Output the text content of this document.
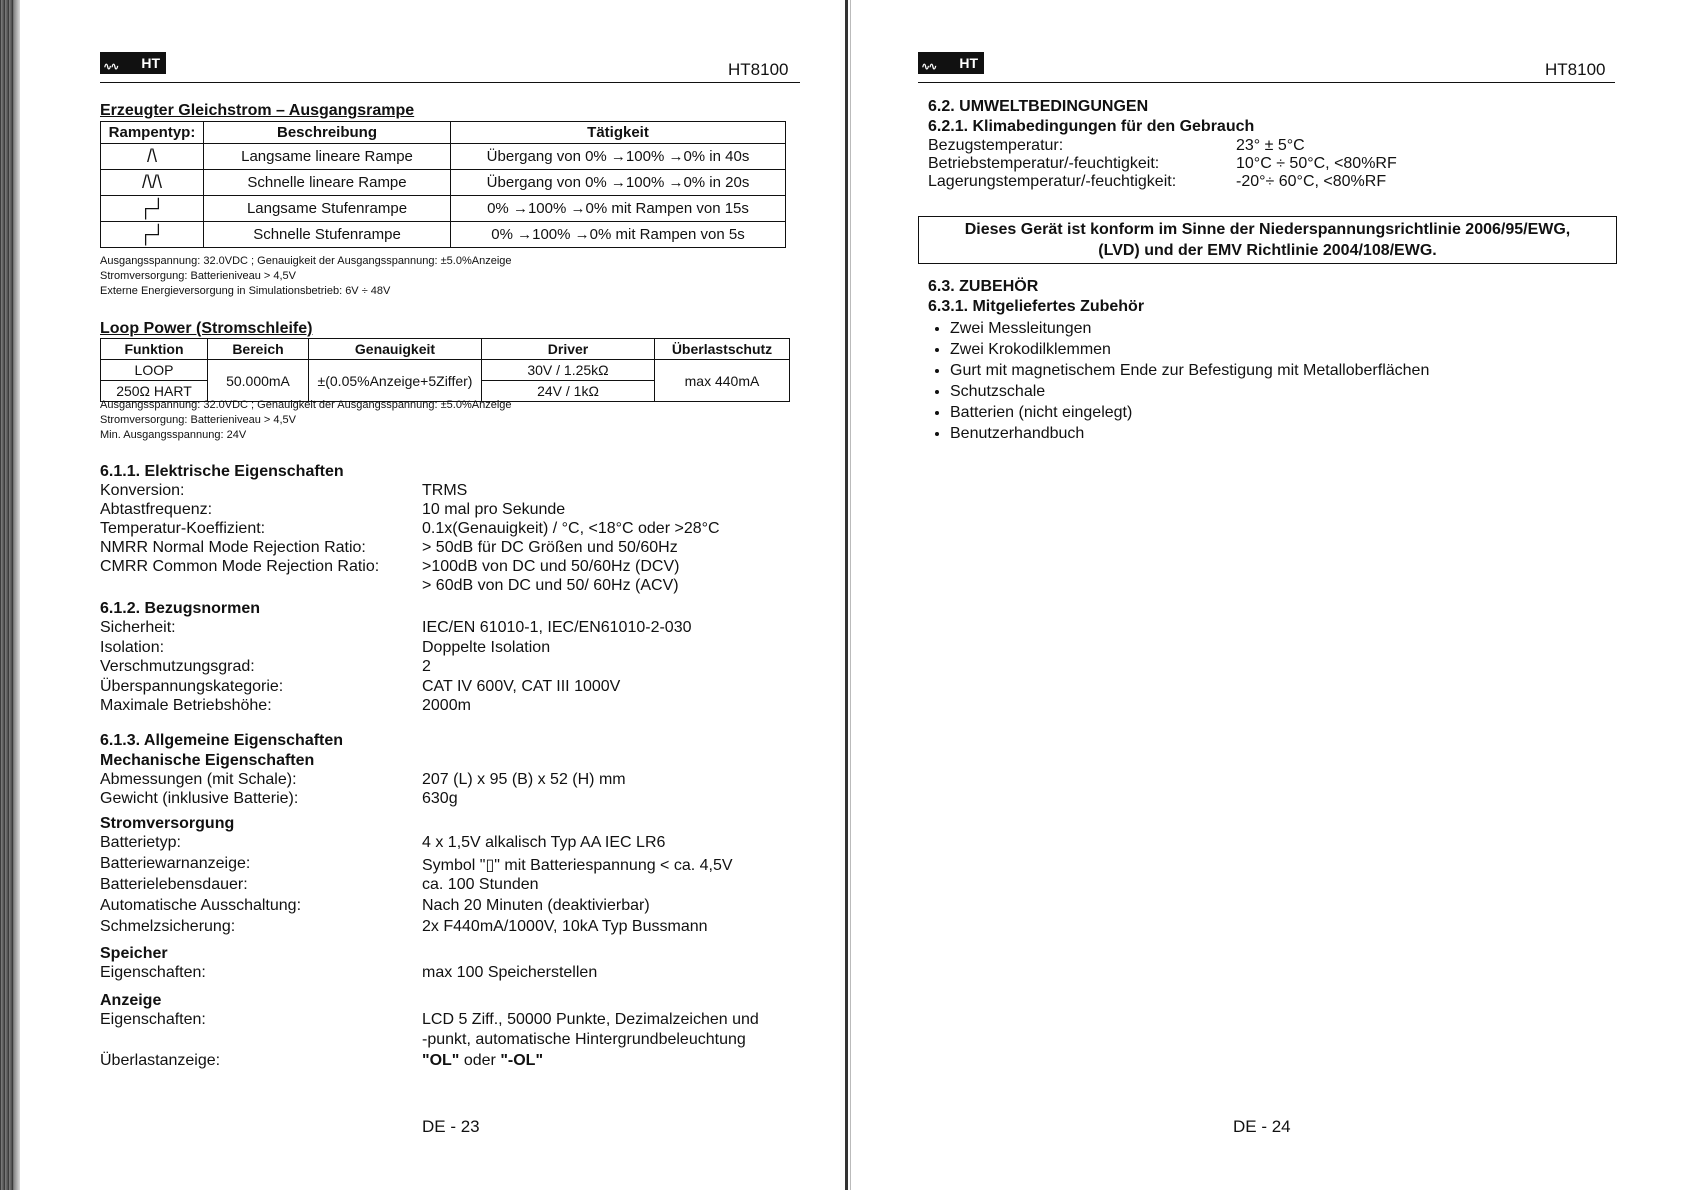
∿∿ HT	HT8100
Erzeugter Gleichstrom – Ausgangsrampe
Rampentyp:	Beschreibung	Tätigkeit
/\	Langsame lineare Rampe	Übergang von 0% →100% →0% in 40s
/\/\	Schnelle lineare Rampe	Übergang von 0% →100% →0% in 20s
┌┘	Langsame Stufenrampe	0% →100% →0% mit Rampen von 15s
┌┘	Schnelle Stufenrampe	0% →100% →0% mit Rampen von 5s
Ausgangsspannung: 32.0VDC ; Genauigkeit der Ausgangsspannung: ±5.0%Anzeige
Stromversorgung: Batterieniveau > 4,5V
Externe Energieversorgung in Simulationsbetrieb: 6V ÷ 48V
Loop Power (Stromschleife)
Funktion	Bereich	Genauigkeit	Driver	Überlastschutz
LOOP	50.000mA	±(0.05%Anzeige+5Ziffer)	30V / 1.25kΩ	max 440mA
250Ω HART			24V / 1kΩ	
Ausgangsspannung: 32.0VDC ; Genauigkeit der Ausgangsspannung: ±5.0%Anzeige
Stromversorgung: Batterieniveau > 4,5V
Min. Ausgangsspannung: 24V
6.1.1. Elektrische Eigenschaften
Konversion:	TRMS
Abtastfrequenz:	10 mal pro Sekunde
Temperatur-Koeffizient:	0.1x(Genauigkeit) / °C, <18°C oder >28°C
NMRR Normal Mode Rejection Ratio:	> 50dB für DC Größen und 50/60Hz
CMRR Common Mode Rejection Ratio:	>100dB von DC und 50/60Hz (DCV)
> 60dB von DC und 50/ 60Hz (ACV)
6.1.2. Bezugsnormen
Sicherheit:	IEC/EN 61010-1, IEC/EN61010-2-030
Isolation:	Doppelte Isolation
Verschmutzungsgrad:	2
Überspannungskategorie:	CAT IV 600V, CAT III 1000V
Maximale Betriebshöhe:	2000m
6.1.3. Allgemeine Eigenschaften
Mechanische Eigenschaften
Abmessungen (mit Schale):	207 (L) x 95 (B) x 52 (H) mm
Gewicht (inklusive Batterie):	630g
Stromversorgung
Batterietyp:	4 x 1,5V alkalisch Typ AA IEC LR6
Batteriewarnanzeige:	Symbol "▯" mit Batteriespannung < ca. 4,5V
Batterielebensdauer:	ca. 100 Stunden
Automatische Ausschaltung:	Nach 20 Minuten (deaktivierbar)
Schmelzsicherung:	2x F440mA/1000V, 10kA Typ Bussmann
Speicher
Eigenschaften:	max 100 Speicherstellen
Anzeige
Eigenschaften:	LCD 5 Ziff., 50000 Punkte, Dezimalzeichen und
-punkt, automatische Hintergrundbeleuchtung
Überlastanzeige:	"OL" oder "-OL"
DE - 23
∿∿ HT	HT8100
6.2. UMWELTBEDINGUNGEN
6.2.1. Klimabedingungen für den Gebrauch
Bezugstemperatur:	23° ± 5°C
Betriebstemperatur/-feuchtigkeit:	10°C ÷ 50°C, <80%RF
Lagerungstemperatur/-feuchtigkeit:	-20°÷ 60°C, <80%RF
Dieses Gerät ist konform im Sinne der Niederspannungsrichtlinie 2006/95/EWG,
(LVD) und der EMV Richtlinie 2004/108/EWG.
6.3. ZUBEHÖR
6.3.1. Mitgeliefertes Zubehör
• Zwei Messleitungen
• Zwei Krokodilklemmen
• Gurt mit magnetischem Ende zur Befestigung mit Metalloberflächen
• Schutzschale
• Batterien (nicht eingelegt)
• Benutzerhandbuch
DE - 24
